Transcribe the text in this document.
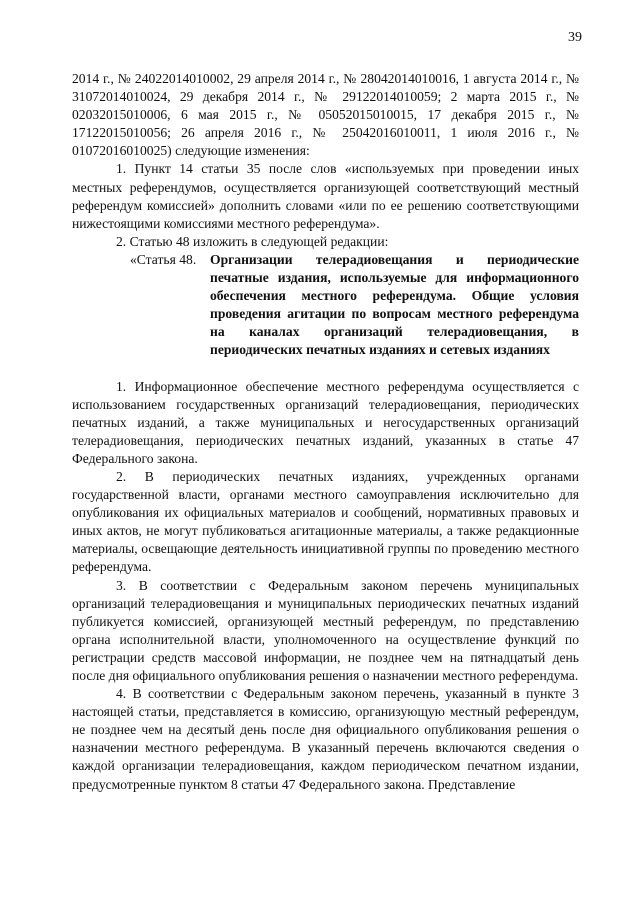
39

2014 г., № 24022014010002, 29 апреля 2014 г., № 28042014010016, 1 августа 2014 г., № 31072014010024, 29 декабря 2014 г., № 29122014010059; 2 марта 2015 г., № 02032015010006, 6 мая 2015 г., № 05052015010015, 17 декабря 2015 г., № 17122015010056; 26 апреля 2016 г., № 25042016010011, 1 июля 2016 г., № 01072016010025) следующие изменения:

1. Пункт 14 статьи 35 после слов «используемых при проведении иных местных референдумов, осуществляется организующей соответствующий местный референдум комиссией» дополнить словами «или по ее решению соответствующими нижестоящими комиссиями местного референдума».

2. Статью 48 изложить в следующей редакции:

«Статья 48.	Организации телерадиовещания и периодические печатные издания, используемые для информационного обеспечения местного референдума. Общие условия проведения агитации по вопросам местного референдума на каналах организаций телерадиовещания, в периодических печатных изданиях и сетевых изданиях

1. Информационное обеспечение местного референдума осуществляется с использованием государственных организаций телерадиовещания, периодических печатных изданий, а также муниципальных и негосударственных организаций телерадиовещания, периодических печатных изданий, указанных в статье 47 Федерального закона.

2. В периодических печатных изданиях, учрежденных органами государственной власти, органами местного самоуправления исключительно для опубликования их официальных материалов и сообщений, нормативных правовых и иных актов, не могут публиковаться агитационные материалы, а также редакционные материалы, освещающие деятельность инициативной группы по проведению местного референдума.

3. В соответствии с Федеральным законом перечень муниципальных организаций телерадиовещания и муниципальных периодических печатных изданий публикуется комиссией, организующей местный референдум, по представлению органа исполнительной власти, уполномоченного на осуществление функций по регистрации средств массовой информации, не позднее чем на пятнадцатый день после дня официального опубликования решения о назначении местного референдума.

4. В соответствии с Федеральным законом перечень, указанный в пункте 3 настоящей статьи, представляется в комиссию, организующую местный референдум, не позднее чем на десятый день после дня официального опубликования решения о назначении местного референдума. В указанный перечень включаются сведения о каждой организации телерадиовещания, каждом периодическом печатном издании, предусмотренные пунктом 8 статьи 47 Федерального закона. Представление
